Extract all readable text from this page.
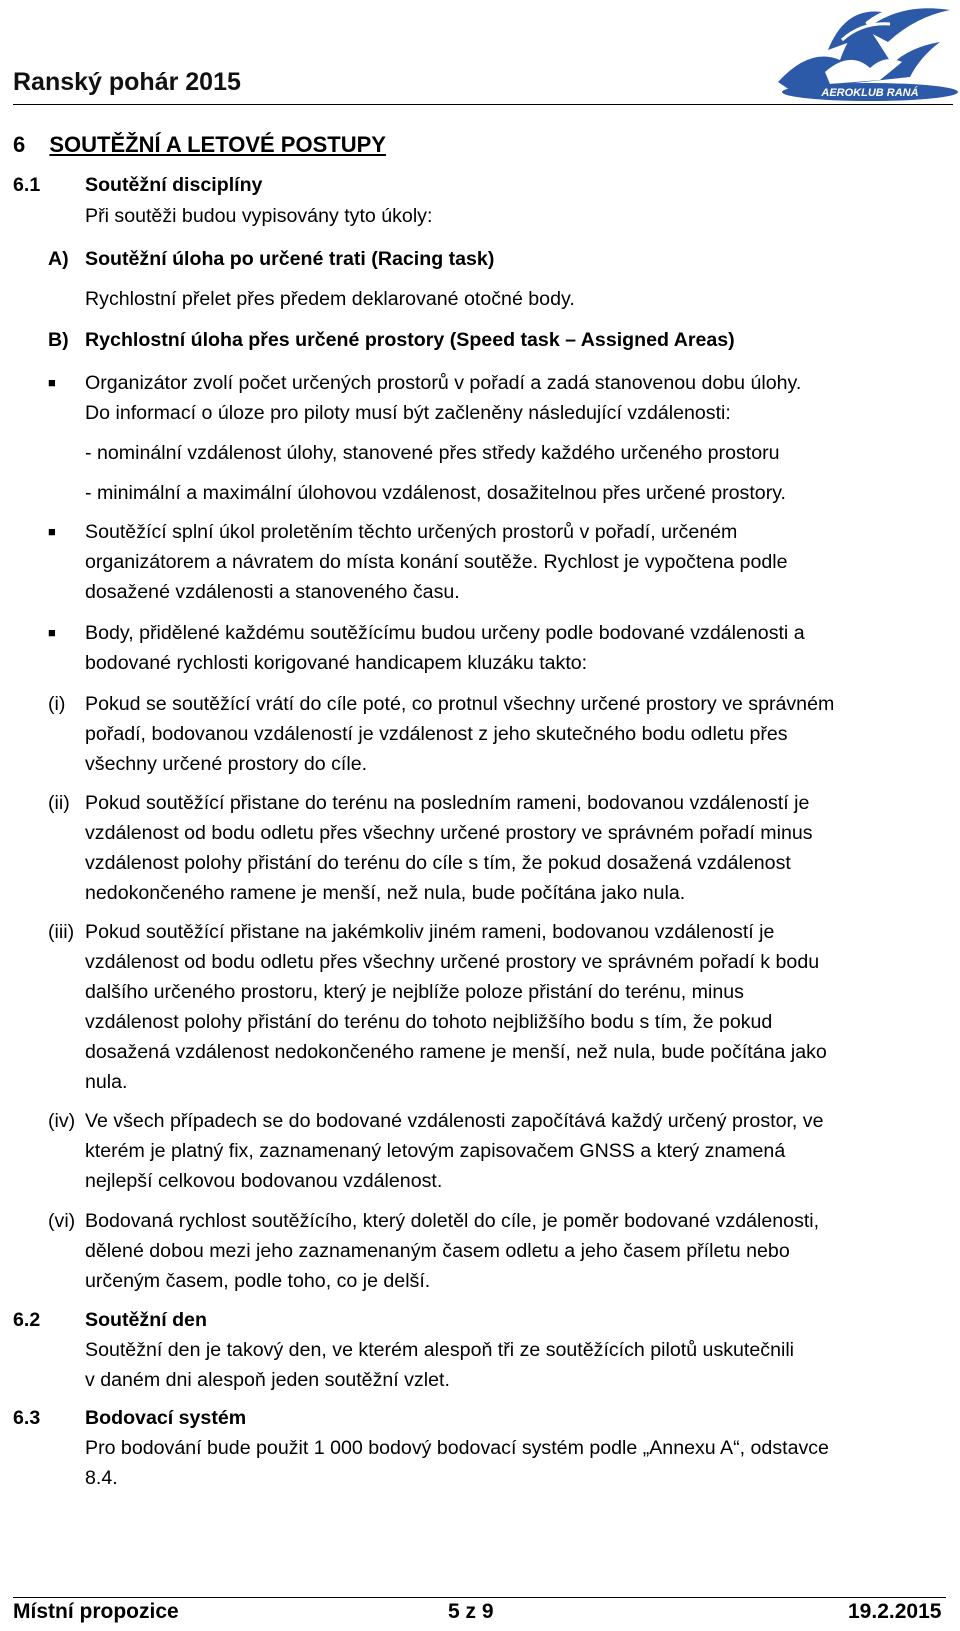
Ranský pohár 2015	AEROKLUB RANÁ
6 SOUTĚŽNÍ A LETOVÉ POSTUPY
6.1 Soutěžní disciplíny
Při soutěži budou vypisovány tyto úkoly:
A) Soutěžní úloha po určené trati (Racing task)
Rychlostní přelet přes předem deklarované otočné body.
B) Rychlostní úloha přes určené prostory (Speed task – Assigned Areas)
■ Organizátor zvolí počet určených prostorů v pořadí a zadá stanovenou dobu úlohy.
Do informací o úloze pro piloty musí být začleněny následující vzdálenosti:
- nominální vzdálenost úlohy, stanovené přes středy každého určeného prostoru
- minimální a maximální úlohovou vzdálenost, dosažitelnou přes určené prostory.
■ Soutěžící splní úkol proletěním těchto určených prostorů v pořadí, určeném
organizátorem a návratem do místa konání soutěže. Rychlost je vypočtena podle
dosažené vzdálenosti a stanoveného času.
■ Body, přidělené každému soutěžícímu budou určeny podle bodované vzdálenosti a
bodované rychlosti korigované handicapem kluzáku takto:
(i) Pokud se soutěžící vrátí do cíle poté, co protnul všechny určené prostory ve správném
pořadí, bodovanou vzdáleností je vzdálenost z jeho skutečného bodu odletu přes
všechny určené prostory do cíle.
(ii) Pokud soutěžící přistane do terénu na posledním rameni, bodovanou vzdáleností je
vzdálenost od bodu odletu přes všechny určené prostory ve správném pořadí minus
vzdálenost polohy přistání do terénu do cíle s tím, že pokud dosažená vzdálenost
nedokončeného ramene je menší, než nula, bude počítána jako nula.
(iii) Pokud soutěžící přistane na jakémkoliv jiném rameni, bodovanou vzdáleností je
vzdálenost od bodu odletu přes všechny určené prostory ve správném pořadí k bodu
dalšího určeného prostoru, který je nejblíže poloze přistání do terénu, minus
vzdálenost polohy přistání do terénu do tohoto nejbližšího bodu s tím, že pokud
dosažená vzdálenost nedokončeného ramene je menší, než nula, bude počítána jako
nula.
(iv) Ve všech případech se do bodované vzdálenosti započítává každý určený prostor, ve
kterém je platný fix, zaznamenaný letovým zapisovačem GNSS a který znamená
nejlepší celkovou bodovanou vzdálenost.
(vi) Bodovaná rychlost soutěžícího, který doletěl do cíle, je poměr bodované vzdálenosti,
dělené dobou mezi jeho zaznamenaným časem odletu a jeho časem příletu nebo
určeným časem, podle toho, co je delší.
6.2 Soutěžní den
Soutěžní den je takový den, ve kterém alespoň tři ze soutěžících pilotů uskutečnili
v daném dni alespoň jeden soutěžní vzlet.
6.3 Bodovací systém
Pro bodování bude použit 1 000 bodový bodovací systém podle „Annexu A“, odstavce
8.4.
Místní propozice	5 z 9	19.2.2015
